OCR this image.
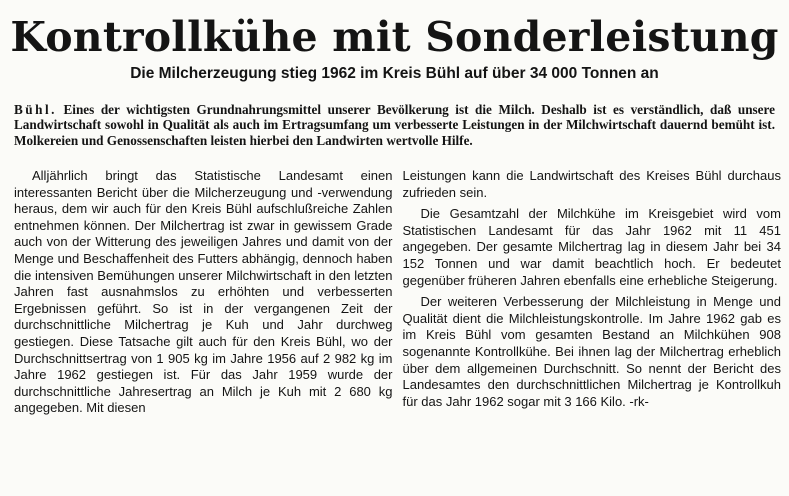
Kontrollkühe mit Sonderleistung
Die Milcherzeugung stieg 1962 im Kreis Bühl auf über 34 000 Tonnen an

Bühl. Eines der wichtigsten Grundnahrungsmittel unserer Bevölkerung ist die Milch. Deshalb ist es verständlich, daß unsere Landwirtschaft sowohl in Qualität als auch im Ertragsumfang um verbesserte Leistungen in der Milchwirtschaft dauernd bemüht ist. Molkereien und Genossenschaften leisten hierbei den Landwirten wertvolle Hilfe.

Alljährlich bringt das Statistische Landesamt einen interessanten Bericht über die Milcherzeugung und -verwendung heraus, dem wir auch für den Kreis Bühl aufschlußreiche Zahlen entnehmen können. Der Milchertrag ist zwar in gewissem Grade auch von der Witterung des jeweiligen Jahres und damit von der Menge und Beschaffenheit des Futters abhängig, dennoch haben die intensiven Bemühungen unserer Milchwirtschaft in den letzten Jahren fast ausnahmslos zu erhöhten und verbesserten Ergebnissen geführt. So ist in der vergangenen Zeit der durchschnittliche Milchertrag je Kuh und Jahr durchweg gestiegen. Diese Tatsache gilt auch für den Kreis Bühl, wo der Durchschnittsertrag von 1 905 kg im Jahre 1956 auf 2 982 kg im Jahre 1962 gestiegen ist. Für das Jahr 1959 wurde der durchschnittliche Jahresertrag an Milch je Kuh mit 2 680 kg angegeben. Mit diesen

Leistungen kann die Landwirtschaft des Kreises Bühl durchaus zufrieden sein.

Die Gesamtzahl der Milchkühe im Kreisgebiet wird vom Statistischen Landesamt für das Jahr 1962 mit 11 451 angegeben. Der gesamte Milchertrag lag in diesem Jahr bei 34 152 Tonnen und war damit beachtlich hoch. Er bedeutet gegenüber früheren Jahren ebenfalls eine erhebliche Steigerung.

Der weiteren Verbesserung der Milchleistung in Menge und Qualität dient die Milchleistungskontrolle. Im Jahre 1962 gab es im Kreis Bühl vom gesamten Bestand an Milchkühen 908 sogenannte Kontrollkühe. Bei ihnen lag der Milchertrag erheblich über dem allgemeinen Durchschnitt. So nennt der Bericht des Landesamtes den durchschnittlichen Milchertrag je Kontrollkuh für das Jahr 1962 sogar mit 3 166 Kilo. -rk-
